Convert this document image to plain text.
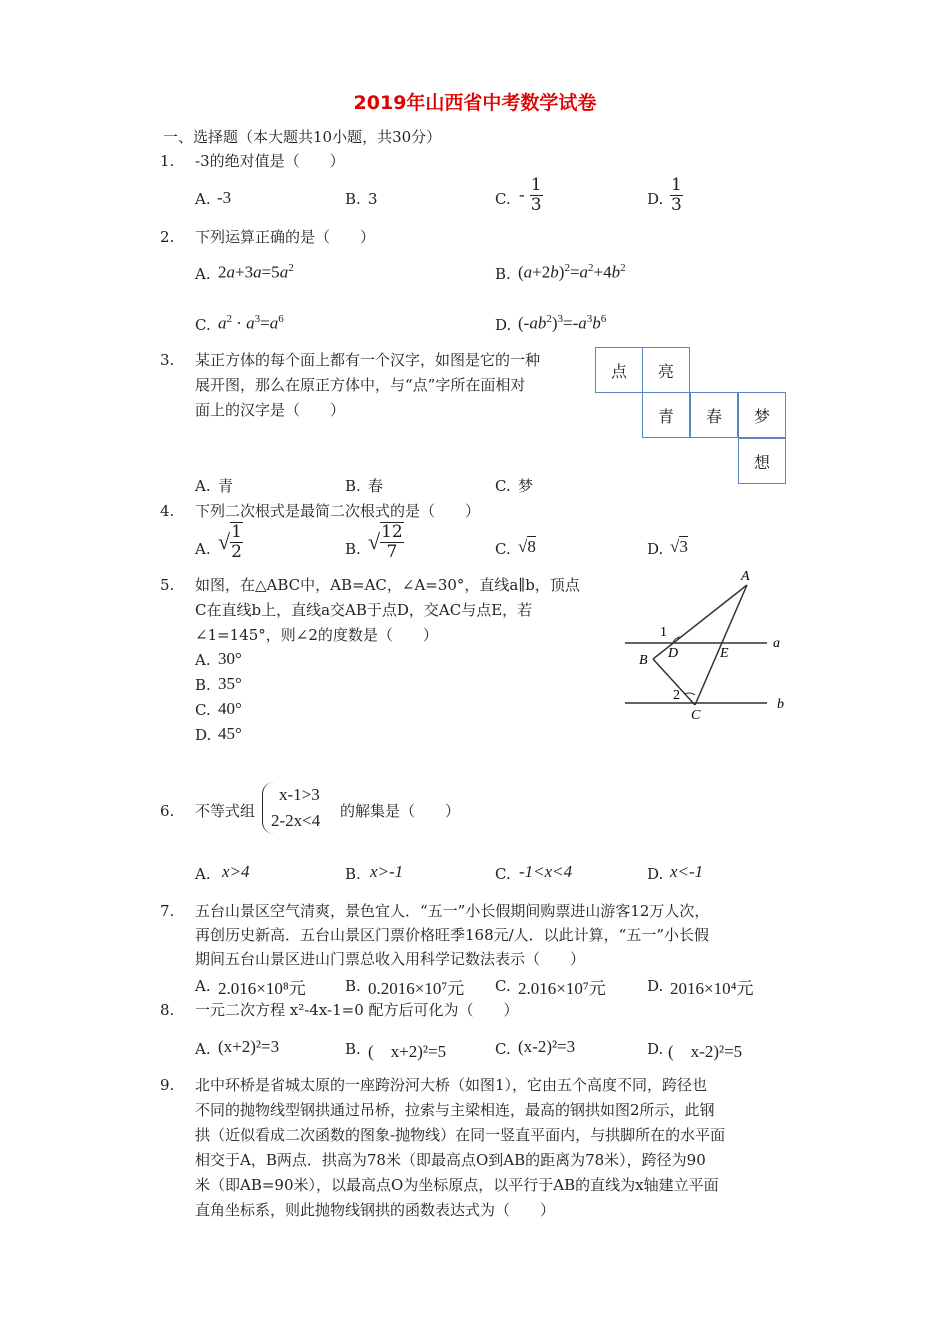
2019年山西省中考数学试卷
一、选择题（本大题共10小题，共30分）
1. -3的绝对值是（　　）
A. -3	B. 3	C. - $\frac{1}{3}$	D. $\frac{1}{3}$
2. 下列运算正确的是（　　）
A. $2a+3a=5a^2$	B. $(a+2b)^2=a^2+4b^2$
C. $a^2 \cdot a^3=a^6$	D. $(-ab^2)^3=-a^3b^6$
3. 某正方体的每个面上都有一个汉字，如图是它的一种
展开图，那么在原正方体中，与“点”字所在面相对
面上的汉字是（　　）
点	亮
青	春	梦
想
A. 青	B. 春	C. 梦
4. 下列二次根式是最简二次根式的是（　　）
A. √ $\frac{1}{2}$	B. √ $\frac{12}{7}$	C. √8	D. √3
5. 如图，在△ABC中，AB=AC，∠A=30°，直线a∥b，顶点
C在直线b上，直线a交AB于点D，交AC与点E，若
∠1=145°，则∠2的度数是（　　）
A. 30°
B. 35°
C. 40°
D. 45°
A
B
C
D	E
a
b
1
2
6. 不等式组
x-1>3
2-2x<4 的解集是（　　）
A. x>4	B. x>-1	C. -1<x<4	D. x<-1
7. 五台山景区空气清爽，景色宜人．“五一”小长假期间购票进山游客12万人次，
再创历史新高．五台山景区门票价格旺季168元/人．以此计算，“五一”小长假
期间五台山景区进山门票总收入用科学记数法表示（　　）
A. 2.016×10⁸元	B. 0.2016×10⁷元 C. 2.016×10⁷元	D. 2016×10⁴元
8. 一元二次方程 x²-4x-1=0 配方后可化为（　　）
A. (x+2)²=3	B. (　x+2)²=5	C. (x-2)²=3	D. (　x-2)²=5
9. 北中环桥是省城太原的一座跨汾河大桥（如图1），它由五个高度不同，跨径也
不同的抛物线型钢拱通过吊桥，拉索与主梁相连，最高的钢拱如图2所示，此钢
拱（近似看成二次函数的图象-抛物线）在同一竖直平面内，与拱脚所在的水平面
相交于A，B两点．拱高为78米（即最高点O到AB的距离为78米），跨径为90
米（即AB=90米），以最高点O为坐标原点，以平行于AB的直线为x轴建立平面
直角坐标系，则此抛物线钢拱的函数表达式为（　　）
